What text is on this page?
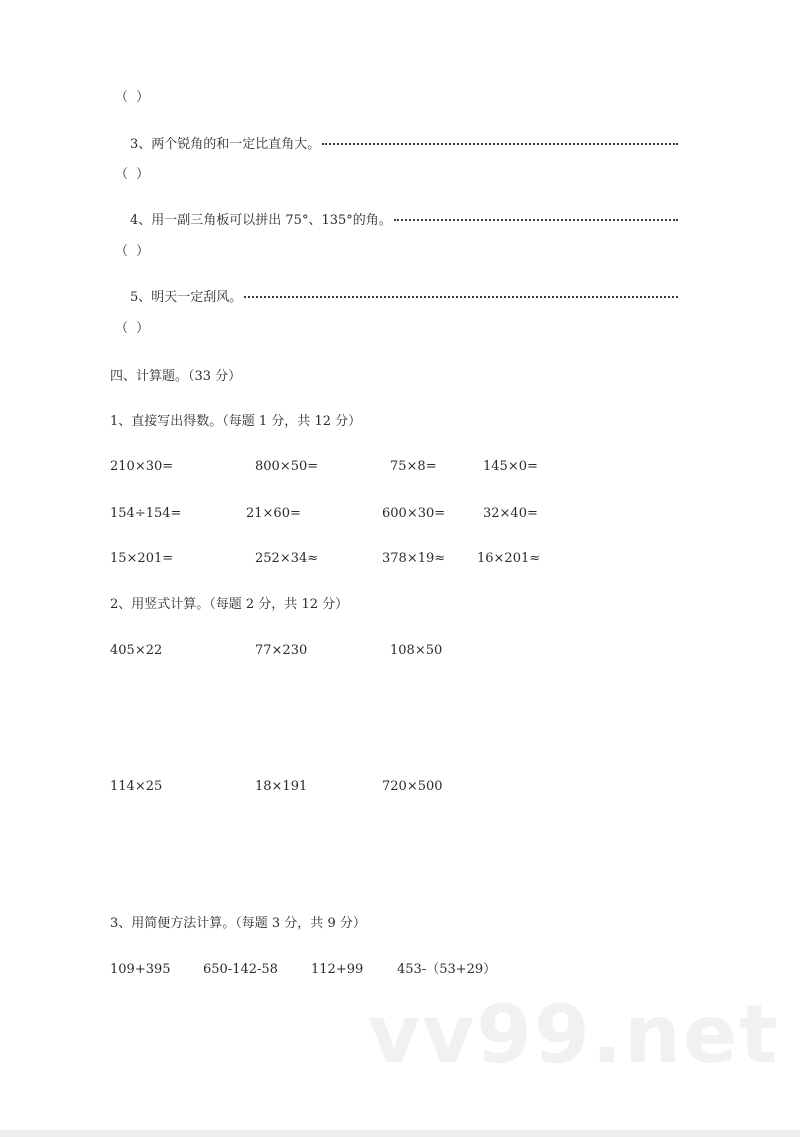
（ ）
3、两个锐角的和一定比直角大。
（ ）
4、用一副三角板可以拼出 75°、135°的角。
（ ）
5、明天一定刮风。
（ ）
四、计算题。（33 分）
1、直接写出得数。（每题 1 分，共 12 分）
210×30=	800×50=	75×8=	145×0=
154÷154=	21×60=	600×30=	32×40=
15×201=	252×34≈	378×19≈ 16×201≈
2、用竖式计算。（每题 2 分，共 12 分）
405×22	77×230	108×50
114×25	18×191	720×500
3、用简便方法计算。（每题 3 分，共 9 分）
109+395 650-142-58	112+99	453-（53+29）
vv99.net
